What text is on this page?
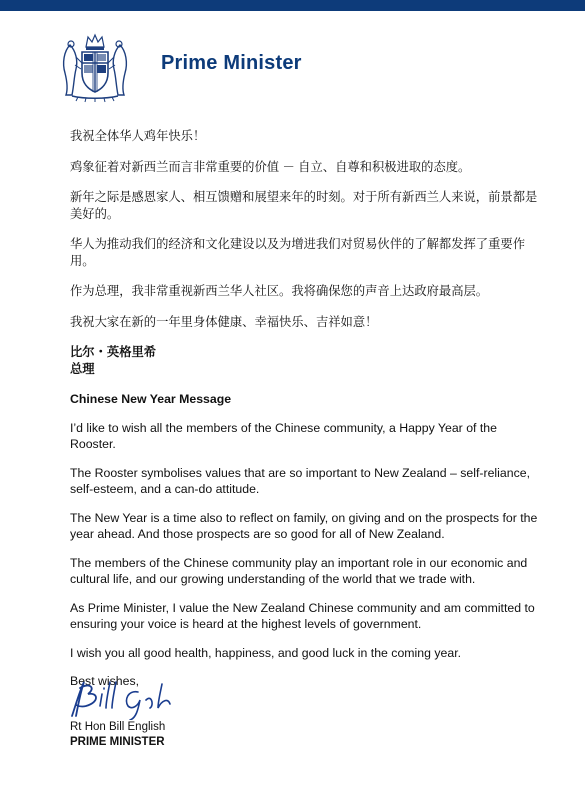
Prime Minister

我祝全体华人鸡年快乐！

鸡象征着对新西兰而言非常重要的价值 － 自立、自尊和积极进取的态度。

新年之际是感恩家人、相互馈赠和展望来年的时刻。对于所有新西兰人来说，前景都是美好的。

华人为推动我们的经济和文化建设以及为增进我们对贸易伙伴的了解都发挥了重要作用。

作为总理，我非常重视新西兰华人社区。我将确保您的声音上达政府最高层。

我祝大家在新的一年里身体健康、幸福快乐、吉祥如意！

比尔・英格里希

总理

Chinese New Year Message

I’d like to wish all the members of the Chinese community, a Happy Year of the Rooster.

The Rooster symbolises values that are so important to New Zealand – self-reliance, self-esteem, and a can-do attitude.

The New Year is a time also to reflect on family, on giving and on the prospects for the year ahead. And those prospects are so good for all of New Zealand.

The members of the Chinese community play an important role in our economic and cultural life, and our growing understanding of the world that we trade with.

As Prime Minister, I value the New Zealand Chinese community and am committed to ensuring your voice is heard at the highest levels of government.

I wish you all good health, happiness, and good luck in the coming year.

Best wishes,

Rt Hon Bill English
PRIME MINISTER
